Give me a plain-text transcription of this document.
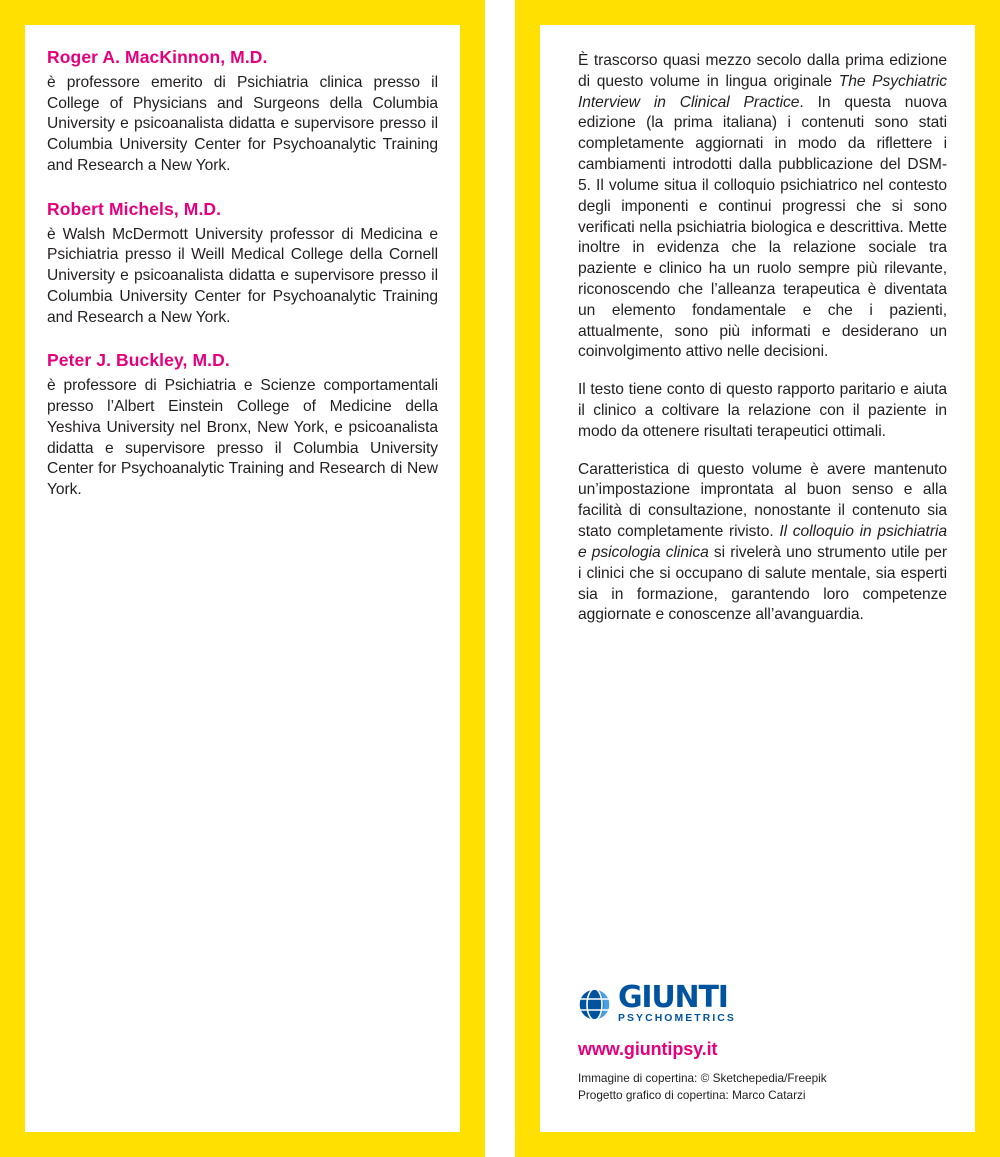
Roger A. MacKinnon, M.D.

è professore emerito di Psichiatria clinica presso il College of Physicians and Surgeons della Columbia University e psicoanalista didatta e supervisore presso il Columbia University Center for Psychoanalytic Training and Research a New York.

Robert Michels, M.D.

è Walsh McDermott University professor di Medicina e Psichiatria presso il Weill Medical College della Cornell University e psicoanalista didatta e supervisore presso il Columbia University Center for Psychoanalytic Training and Research a New York.

Peter J. Buckley, M.D.

è professore di Psichiatria e Scienze comportamentali presso l’Albert Einstein College of Medicine della Yeshiva University nel Bronx, New York, e psicoanalista didatta e supervisore presso il Columbia University Center for Psychoanalytic Training and Research di New York.

È trascorso quasi mezzo secolo dalla prima edizione di questo volume in lingua originale The Psychiatric Interview in Clinical Practice. In questa nuova edizione (la prima italiana) i contenuti sono stati completamente aggiornati in modo da riflettere i cambiamenti introdotti dalla pubblicazione del DSM-5. Il volume situa il colloquio psichiatrico nel contesto degli imponenti e continui progressi che si sono verificati nella psichiatria biologica e descrittiva. Mette inoltre in evidenza che la relazione sociale tra paziente e clinico ha un ruolo sempre più rilevante, riconoscendo che l’alleanza terapeutica è diventata un elemento fondamentale e che i pazienti, attualmente, sono più informati e desiderano un coinvolgimento attivo nelle decisioni.

Il testo tiene conto di questo rapporto paritario e aiuta il clinico a coltivare la relazione con il paziente in modo da ottenere risultati terapeutici ottimali.

Caratteristica di questo volume è avere mantenuto un’impostazione improntata al buon senso e alla facilità di consultazione, nonostante il contenuto sia stato completamente rivisto. Il colloquio in psichiatria e psicologia clinica si rivelerà uno strumento utile per i clinici che si occupano di salute mentale, sia esperti sia in formazione, garantendo loro competenze aggiornate e conoscenze all’avanguardia.

GIUNTI
PSYCHOMETRICS

www.giuntipsy.it

Immagine di copertina: © Sketchepedia/Freepik

Progetto grafico di copertina: Marco Catarzi
